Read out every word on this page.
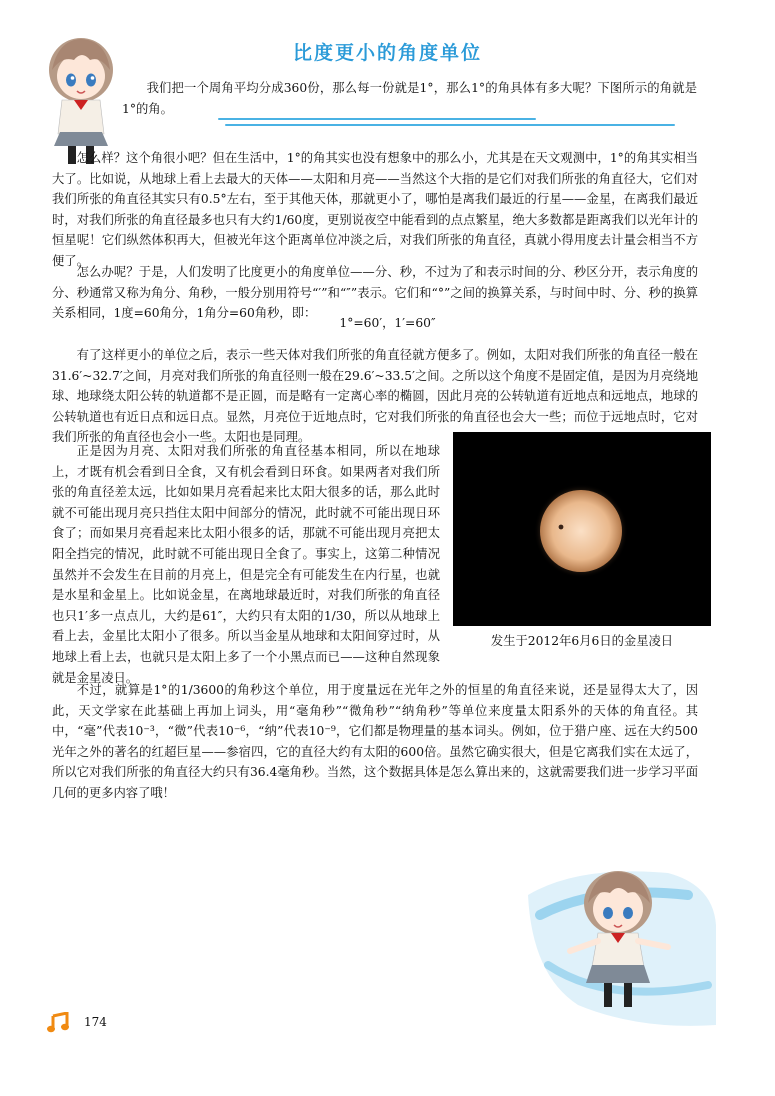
比度更小的角度单位

我们把一个周角平均分成360份，那么每一份就是1°，那么1°的角具体有多大呢？下图所示的角就是1°的角。

怎么样？这个角很小吧？但在生活中，1°的角其实也没有想象中的那么小，尤其是在天文观测中，1°的角其实相当大了。比如说，从地球上看上去最大的天体——太阳和月亮——当然这个大指的是它们对我们所张的角直径大，它们对我们所张的角直径其实只有0.5°左右，至于其他天体，那就更小了，哪怕是离我们最近的行星——金星，在离我们最近时，对我们所张的角直径最多也只有大约1/60度，更别说夜空中能看到的点点繁星，绝大多数都是距离我们以光年计的恒星呢！它们纵然体积再大，但被光年这个距离单位冲淡之后，对我们所张的角直径，真就小得用度去计量会相当不方便了。

怎么办呢？于是，人们发明了比度更小的角度单位——分、秒，不过为了和表示时间的分、秒区分开，表示角度的分、秒通常又称为角分、角秒，一般分别用符号“′”和“″”表示。它们和“°”之间的换算关系，与时间中时、分、秒的换算关系相同，1度=60角分，1角分=60角秒，即：

1°=60′，1′=60″

有了这样更小的单位之后，表示一些天体对我们所张的角直径就方便多了。例如，太阳对我们所张的角直径一般在31.6′~32.7′之间，月亮对我们所张的角直径则一般在29.6′~33.5′之间。之所以这个角度不是固定值，是因为月亮绕地球、地球绕太阳公转的轨道都不是正圆，而是略有一定离心率的椭圆，因此月亮的公转轨道有近地点和远地点，地球的公转轨道也有近日点和远日点。显然，月亮位于近地点时，它对我们所张的角直径也会大一些；而位于远地点时，它对我们所张的角直径也会小一些。太阳也是同理。

正是因为月亮、太阳对我们所张的角直径基本相同，所以在地球上，才既有机会看到日全食，又有机会看到日环食。如果两者对我们所张的角直径差太远，比如如果月亮看起来比太阳大很多的话，那么此时就不可能出现月亮只挡住太阳中间部分的情况，此时就不可能出现日环食了；而如果月亮看起来比太阳小很多的话，那就不可能出现月亮把太阳全挡完的情况，此时就不可能出现日全食了。事实上，这第二种情况虽然并不会发生在目前的月亮上，但是完全有可能发生在内行星，也就是水星和金星上。比如说金星，在离地球最近时，对我们所张的角直径也只1′多一点点儿，大约是61″，大约只有太阳的1/30，所以从地球上看上去，金星比太阳小了很多。所以当金星从地球和太阳间穿过时，从地球上看上去，也就只是太阳上多了一个小黑点而已——这种自然现象就是金星凌日。

发生于2012年6月6日的金星凌日

不过，就算是1°的1/3600的角秒这个单位，用于度量远在光年之外的恒星的角直径来说，还是显得太大了，因此，天文学家在此基础上再加上词头，用“毫角秒”“微角秒”“纳角秒”等单位来度量太阳系外的天体的角直径。其中，“毫”代表10⁻³，“微”代表10⁻⁶，“纳”代表10⁻⁹，它们都是物理量的基本词头。例如，位于猎户座、远在大约500光年之外的著名的红超巨星——参宿四，它的直径大约有太阳的600倍。虽然它确实很大，但是它离我们实在太远了，所以它对我们所张的角直径大约只有36.4毫角秒。当然，这个数据具体是怎么算出来的，这就需要我们进一步学习平面几何的更多内容了哦！

174
